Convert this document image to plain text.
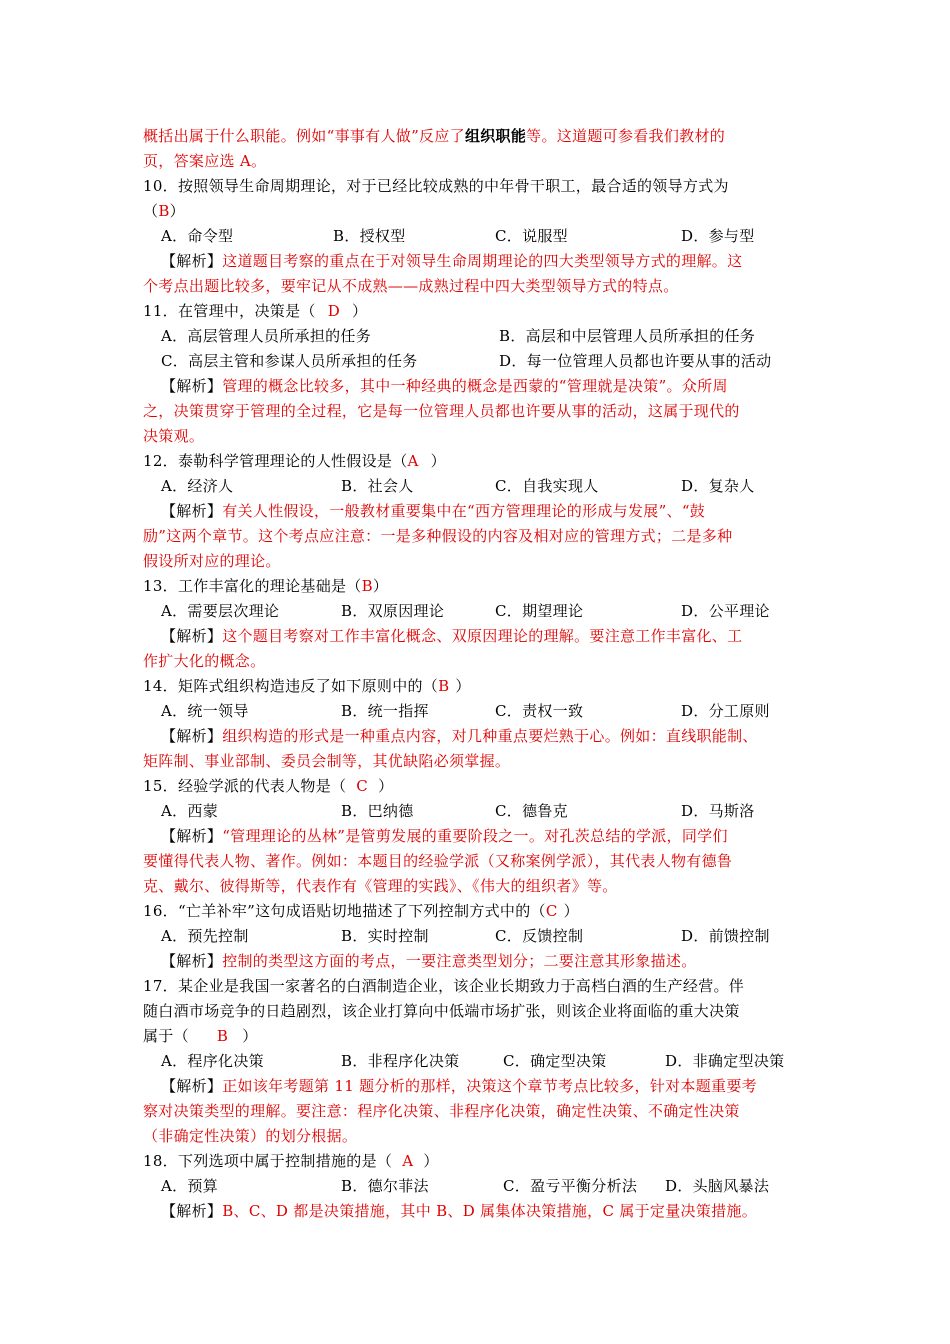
概括出属于什么职能。例如“事事有人做”反应了组织职能等。这道题可参看我们教材的
页，答案应选 A。
10．按照领导生命周期理论，对于已经比较成熟的中年骨干职工，最合适的领导方式为
（B）
A．命令型	B．授权型	C．说服型	D．参与型
【解析】这道题目考察的重点在于对领导生命周期理论的四大类型领导方式的理解。这
个考点出题比较多，要牢记从不成熟——成熟过程中四大类型领导方式的特点。
11．在管理中，决策是（ D ）
A．高层管理人员所承担的任务	B．高层和中层管理人员所承担的任务
C．高层主管和参谋人员所承担的任务	D．每一位管理人员都也许要从事的活动
【解析】管理的概念比较多，其中一种经典的概念是西蒙的“管理就是决策”。众所周
之，决策贯穿于管理的全过程，它是每一位管理人员都也许要从事的活动，这属于现代的
决策观。
12．泰勒科学管理理论的人性假设是（A ）
A．经济人	B．社会人	C．自我实现人	D．复杂人
【解析】有关人性假设，一般教材重要集中在“西方管理理论的形成与发展”、“鼓
励”这两个章节。这个考点应注意：一是多种假设的内容及相对应的管理方式；二是多种
假设所对应的理论。
13．工作丰富化的理论基础是（B）
A．需要层次理论	B．双原因理论	C．期望理论	D．公平理论
【解析】这个题目考察对工作丰富化概念、双原因理论的理解。要注意工作丰富化、工
作扩大化的概念。
14．矩阵式组织构造违反了如下原则中的（B ）
A．统一领导	B．统一指挥	C．责权一致	D．分工原则
【解析】组织构造的形式是一种重点内容，对几种重点要烂熟于心。例如：直线职能制、
矩阵制、事业部制、委员会制等，其优缺陷必须掌握。
15．经验学派的代表人物是（ C ）
A．西蒙	B．巴纳德	C．德鲁克	D．马斯洛
【解析】“管理理论的丛林”是管剪发展的重要阶段之一。对孔茨总结的学派，同学们
要懂得代表人物、著作。例如：本题目的经验学派（又称案例学派），其代表人物有德鲁
克、戴尔、彼得斯等，代表作有《管理的实践》、《伟大的组织者》等。
16．“亡羊补牢”这句成语贴切地描述了下列控制方式中的（C ）
A．预先控制	B．实时控制	C．反馈控制	D．前馈控制
【解析】控制的类型这方面的考点，一要注意类型划分；二要注意其形象描述。
17．某企业是我国一家著名的白酒制造企业，该企业长期致力于高档白酒的生产经营。伴
随白酒市场竞争的日趋剧烈，该企业打算向中低端市场扩张，则该企业将面临的重大决策
属于（ B ）
A．程序化决策	B．非程序化决策	C．确定型决策	D．非确定型决策
【解析】正如该年考题第 11 题分析的那样，决策这个章节考点比较多，针对本题重要考
察对决策类型的理解。要注意：程序化决策、非程序化决策，确定性决策、不确定性决策
（非确定性决策）的划分根据。
18．下列选项中属于控制措施的是（ A ）
A．预算	B．德尔菲法	C．盈亏平衡分析法 D．头脑风暴法
【解析】B、C、D 都是决策措施，其中 B、D 属集体决策措施，C 属于定量决策措施。
